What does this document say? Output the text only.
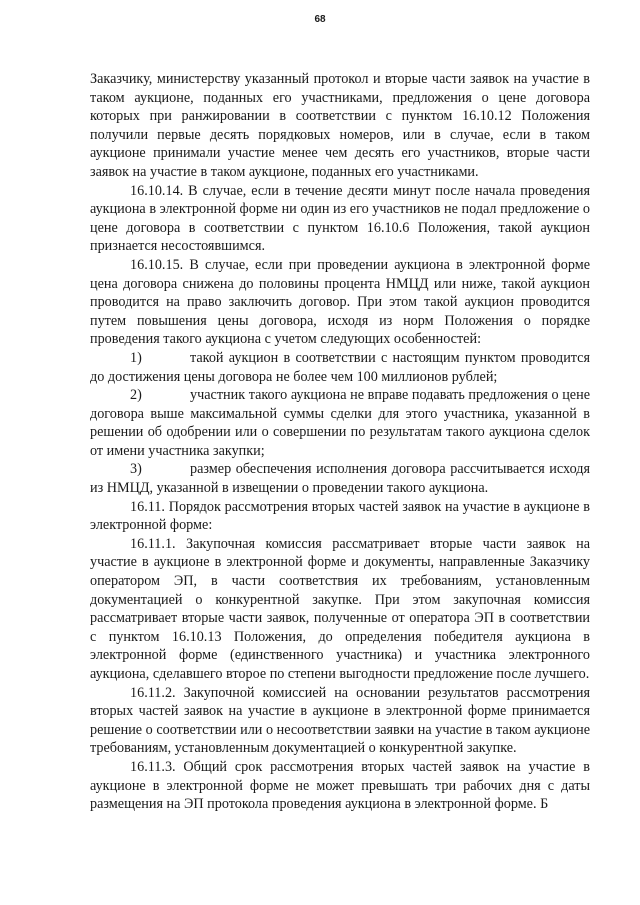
68

Заказчику, министерству указанный протокол и вторые части заявок на участие в таком аукционе, поданных его участниками, предложения о цене договора которых при ранжировании в соответствии с пунктом 16.10.12 Положения получили первые десять порядковых номеров, или в случае, если в таком аукционе принимали участие менее чем десять его участников, вторые части заявок на участие в таком аукционе, поданных его участниками.

16.10.14. В случае, если в течение десяти минут после начала проведения аукциона в электронной форме ни один из его участников не подал предложение о цене договора в соответствии с пунктом 16.10.6 Положения, такой аукцион признается несостоявшимся.

16.10.15. В случае, если при проведении аукциона в электронной форме цена договора снижена до половины процента НМЦД или ниже, такой аукцион проводится на право заключить договор. При этом такой аукцион проводится путем повышения цены договора, исходя из норм Положения о порядке проведения такого аукциона с учетом следующих особенностей:

1)	такой аукцион в соответствии с настоящим пунктом проводится до достижения цены договора не более чем 100 миллионов рублей;

2)	участник такого аукциона не вправе подавать предложения о цене договора выше максимальной суммы сделки для этого участника, указанной в решении об одобрении или о совершении по результатам такого аукциона сделок от имени участника закупки;

3)	размер обеспечения исполнения договора рассчитывается исходя из НМЦД, указанной в извещении о проведении такого аукциона.

16.11. Порядок рассмотрения вторых частей заявок на участие в аукционе в электронной форме:

16.11.1. Закупочная комиссия рассматривает вторые части заявок на участие в аукционе в электронной форме и документы, направленные Заказчику оператором ЭП, в части соответствия их требованиям, установленным документацией о конкурентной закупке. При этом закупочная комиссия рассматривает вторые части заявок, полученные от оператора ЭП в соответствии с пунктом 16.10.13 Положения, до определения победителя аукциона в электронной форме (единственного участника) и участника электронного аукциона, сделавшего второе по степени выгодности предложение после лучшего.

16.11.2. Закупочной комиссией на основании результатов рассмотрения вторых частей заявок на участие в аукционе в электронной форме принимается решение о соответствии или о несоответствии заявки на участие в таком аукционе требованиям, установленным документацией о конкурентной закупке.

16.11.3. Общий срок рассмотрения вторых частей заявок на участие в аукционе в электронной форме не может превышать три рабочих дня с даты размещения на ЭП протокола проведения аукциона в электронной форме. Б
